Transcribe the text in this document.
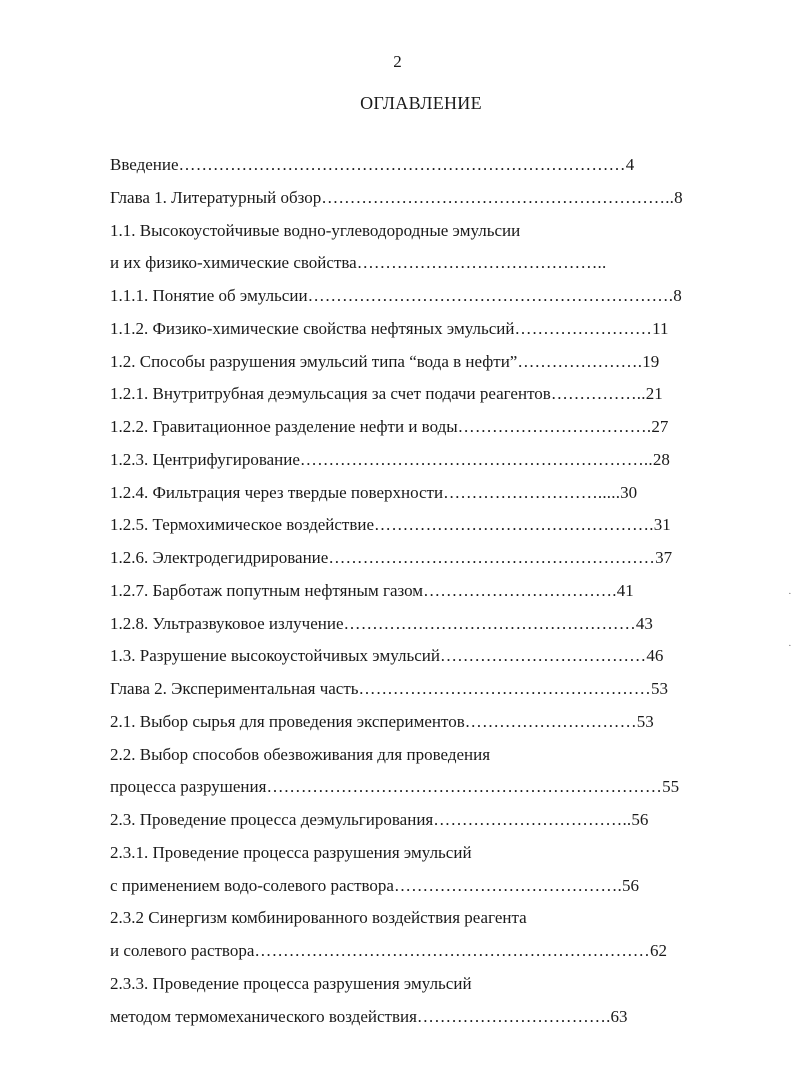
2
ОГЛАВЛЕНИЕ
Введение……………………………………………………………………4
Глава 1. Литературный обзор……………………………………………………..8
1.1. Высокоустойчивые водно-углеводородные эмульсии
и их физико-химические свойства……………………………………..
1.1.1. Понятие об эмульсии……………………………………………………….8
1.1.2. Физико-химические свойства нефтяных эмульсий……………………11
1.2. Способы разрушения эмульсий типа “вода в нефти”………………….19
1.2.1. Внутритрубная деэмульсация за счет подачи реагентов……………..21
1.2.2. Гравитационное разделение нефти и воды…………………………….27
1.2.3. Центрифугирование……………………………………………………..28
1.2.4. Фильтрация через твердые поверхности……………………….....30
1.2.5. Термохимическое воздействие………………………………………….31
1.2.6. Электродегидрирование…………………………………………………37
1.2.7. Барботаж попутным нефтяным газом…………………………….41
1.2.8. Ультразвуковое излучение……………………………………………43
1.3. Разрушение высокоустойчивых эмульсий………………………………46
Глава 2. Экспериментальная часть……………………………………………53
2.1. Выбор сырья для проведения экспериментов…………………………53
2.2. Выбор способов обезвоживания для проведения
процесса разрушения……………………………………………………………55
2.3. Проведение процесса деэмульгирования……………………………..56
2.3.1. Проведение процесса разрушения эмульсий
с применением водо-солевого раствора………………………………….56
2.3.2 Синергизм комбинированного воздействия реагента
и солевого раствора……………………………………………………………62
2.3.3. Проведение процесса разрушения эмульсий
методом термомеханического воздействия…………………………….63
·
·
